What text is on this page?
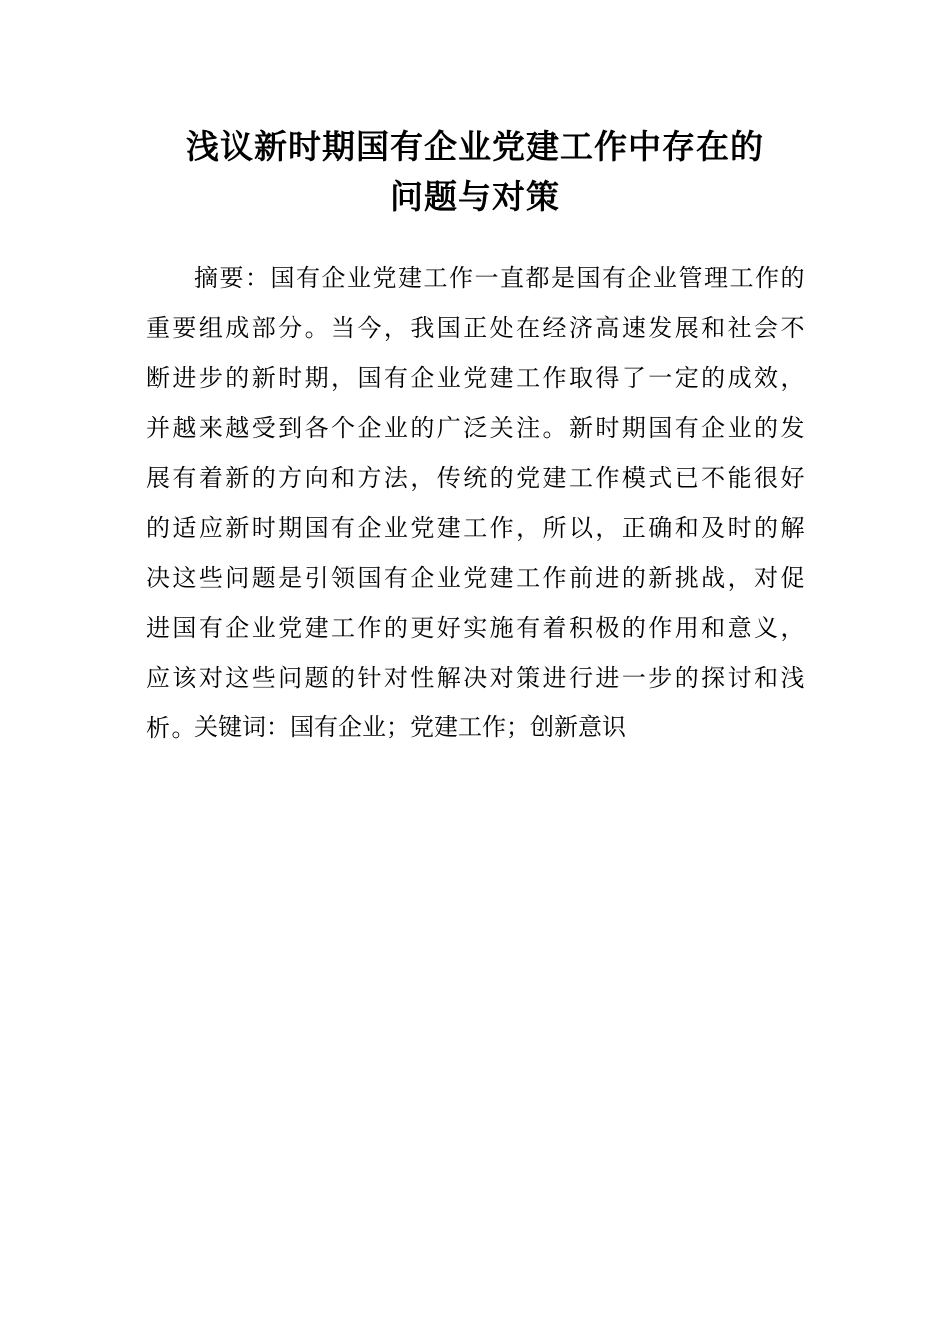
浅议新时期国有企业党建工作中存在的
问题与对策

摘要：国有企业党建工作一直都是国有企业管理工作的重要组成部分。当今，我国正处在经济高速发展和社会不断进步的新时期，国有企业党建工作取得了一定的成效，并越来越受到各个企业的广泛关注。新时期国有企业的发展有着新的方向和方法，传统的党建工作模式已不能很好的适应新时期国有企业党建工作，所以，正确和及时的解决这些问题是引领国有企业党建工作前进的新挑战，对促进国有企业党建工作的更好实施有着积极的作用和意义，应该对这些问题的针对性解决对策进行进一步的探讨和浅析。

关键词：国有企业；党建工作；创新意识
